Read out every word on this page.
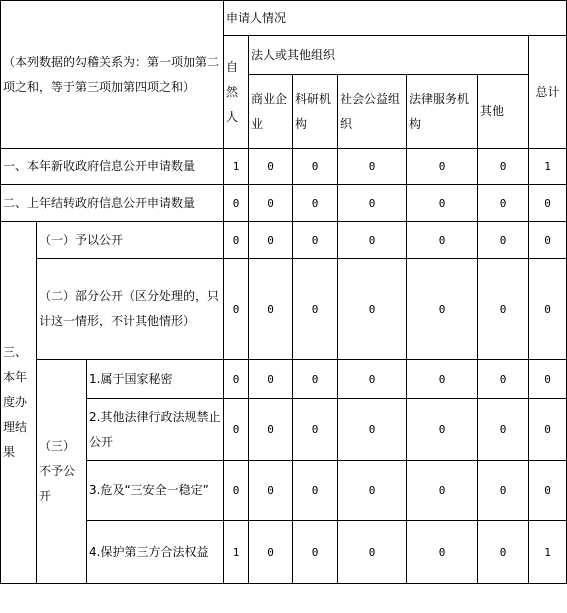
（本列数据的勾稽关系为：第一项加第二项之和，等于第三项加第四项之和）			申请人情况						
			自然人	法人或其他组织					总计
				商业企业	科研机构	社会公益组织	法律服务机构	其他	
一、本年新收政府信息公开申请数量			1	0	0	0	0	0	1
二、上年结转政府信息公开申请数量			0	0	0	0	0	0	0
三、本年度办理结果	（一）予以公开		0	0	0	0	0	0	0
	（二）部分公开（区分处理的，只计这一情形，不计其他情形）		0	0	0	0	0	0	0
	（三）不予公开	1.属于国家秘密	0	0	0	0	0	0	0
		2.其他法律行政法规禁止公开	0	0	0	0	0	0	0
		3.危及“三安全一稳定”	0	0	0	0	0	0	0
		4.保护第三方合法权益	1	0	0	0	0	0	1
